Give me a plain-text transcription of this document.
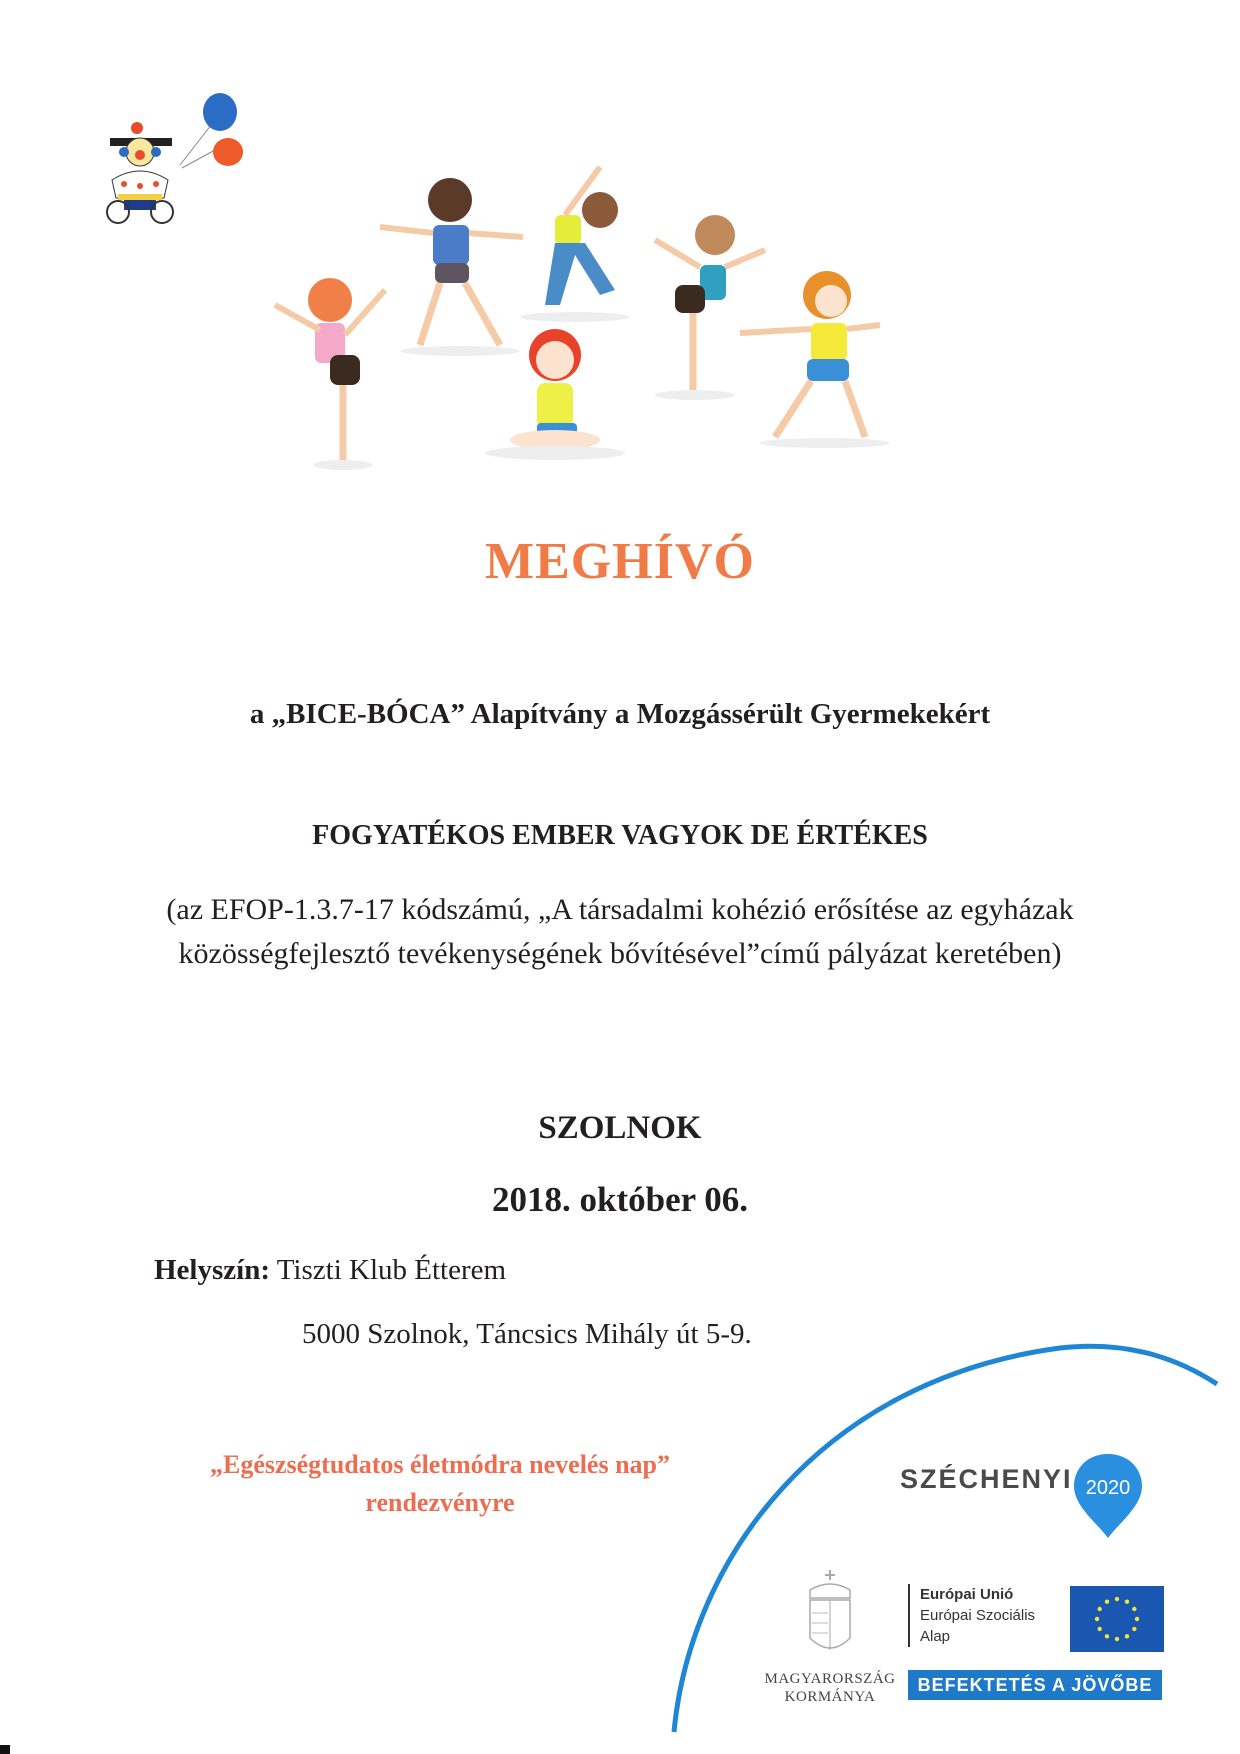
MEGHÍVÓ
a „BICE-BÓCA” Alapítvány a Mozgássérült Gyermekekért
FOGYATÉKOS EMBER VAGYOK DE ÉRTÉKES
(az EFOP-1.3.7-17 kódszámú, „A társadalmi kohézió erősítése az egyházak közösségfejlesztő tevékenységének bővítésével”című pályázat keretében)
SZOLNOK
2018. október 06.
Helyszín: Tiszti Klub Étterem
5000 Szolnok, Táncsics Mihály út 5-9.
„Egészségtudatos életmódra nevelés nap”
rendezvényre
SZÉCHENYI 2020
MAGYARORSZÁG
KORMÁNYA
Európai Unió
Európai Szociális
Alap
BEFEKTETÉS A JÖVŐBE
